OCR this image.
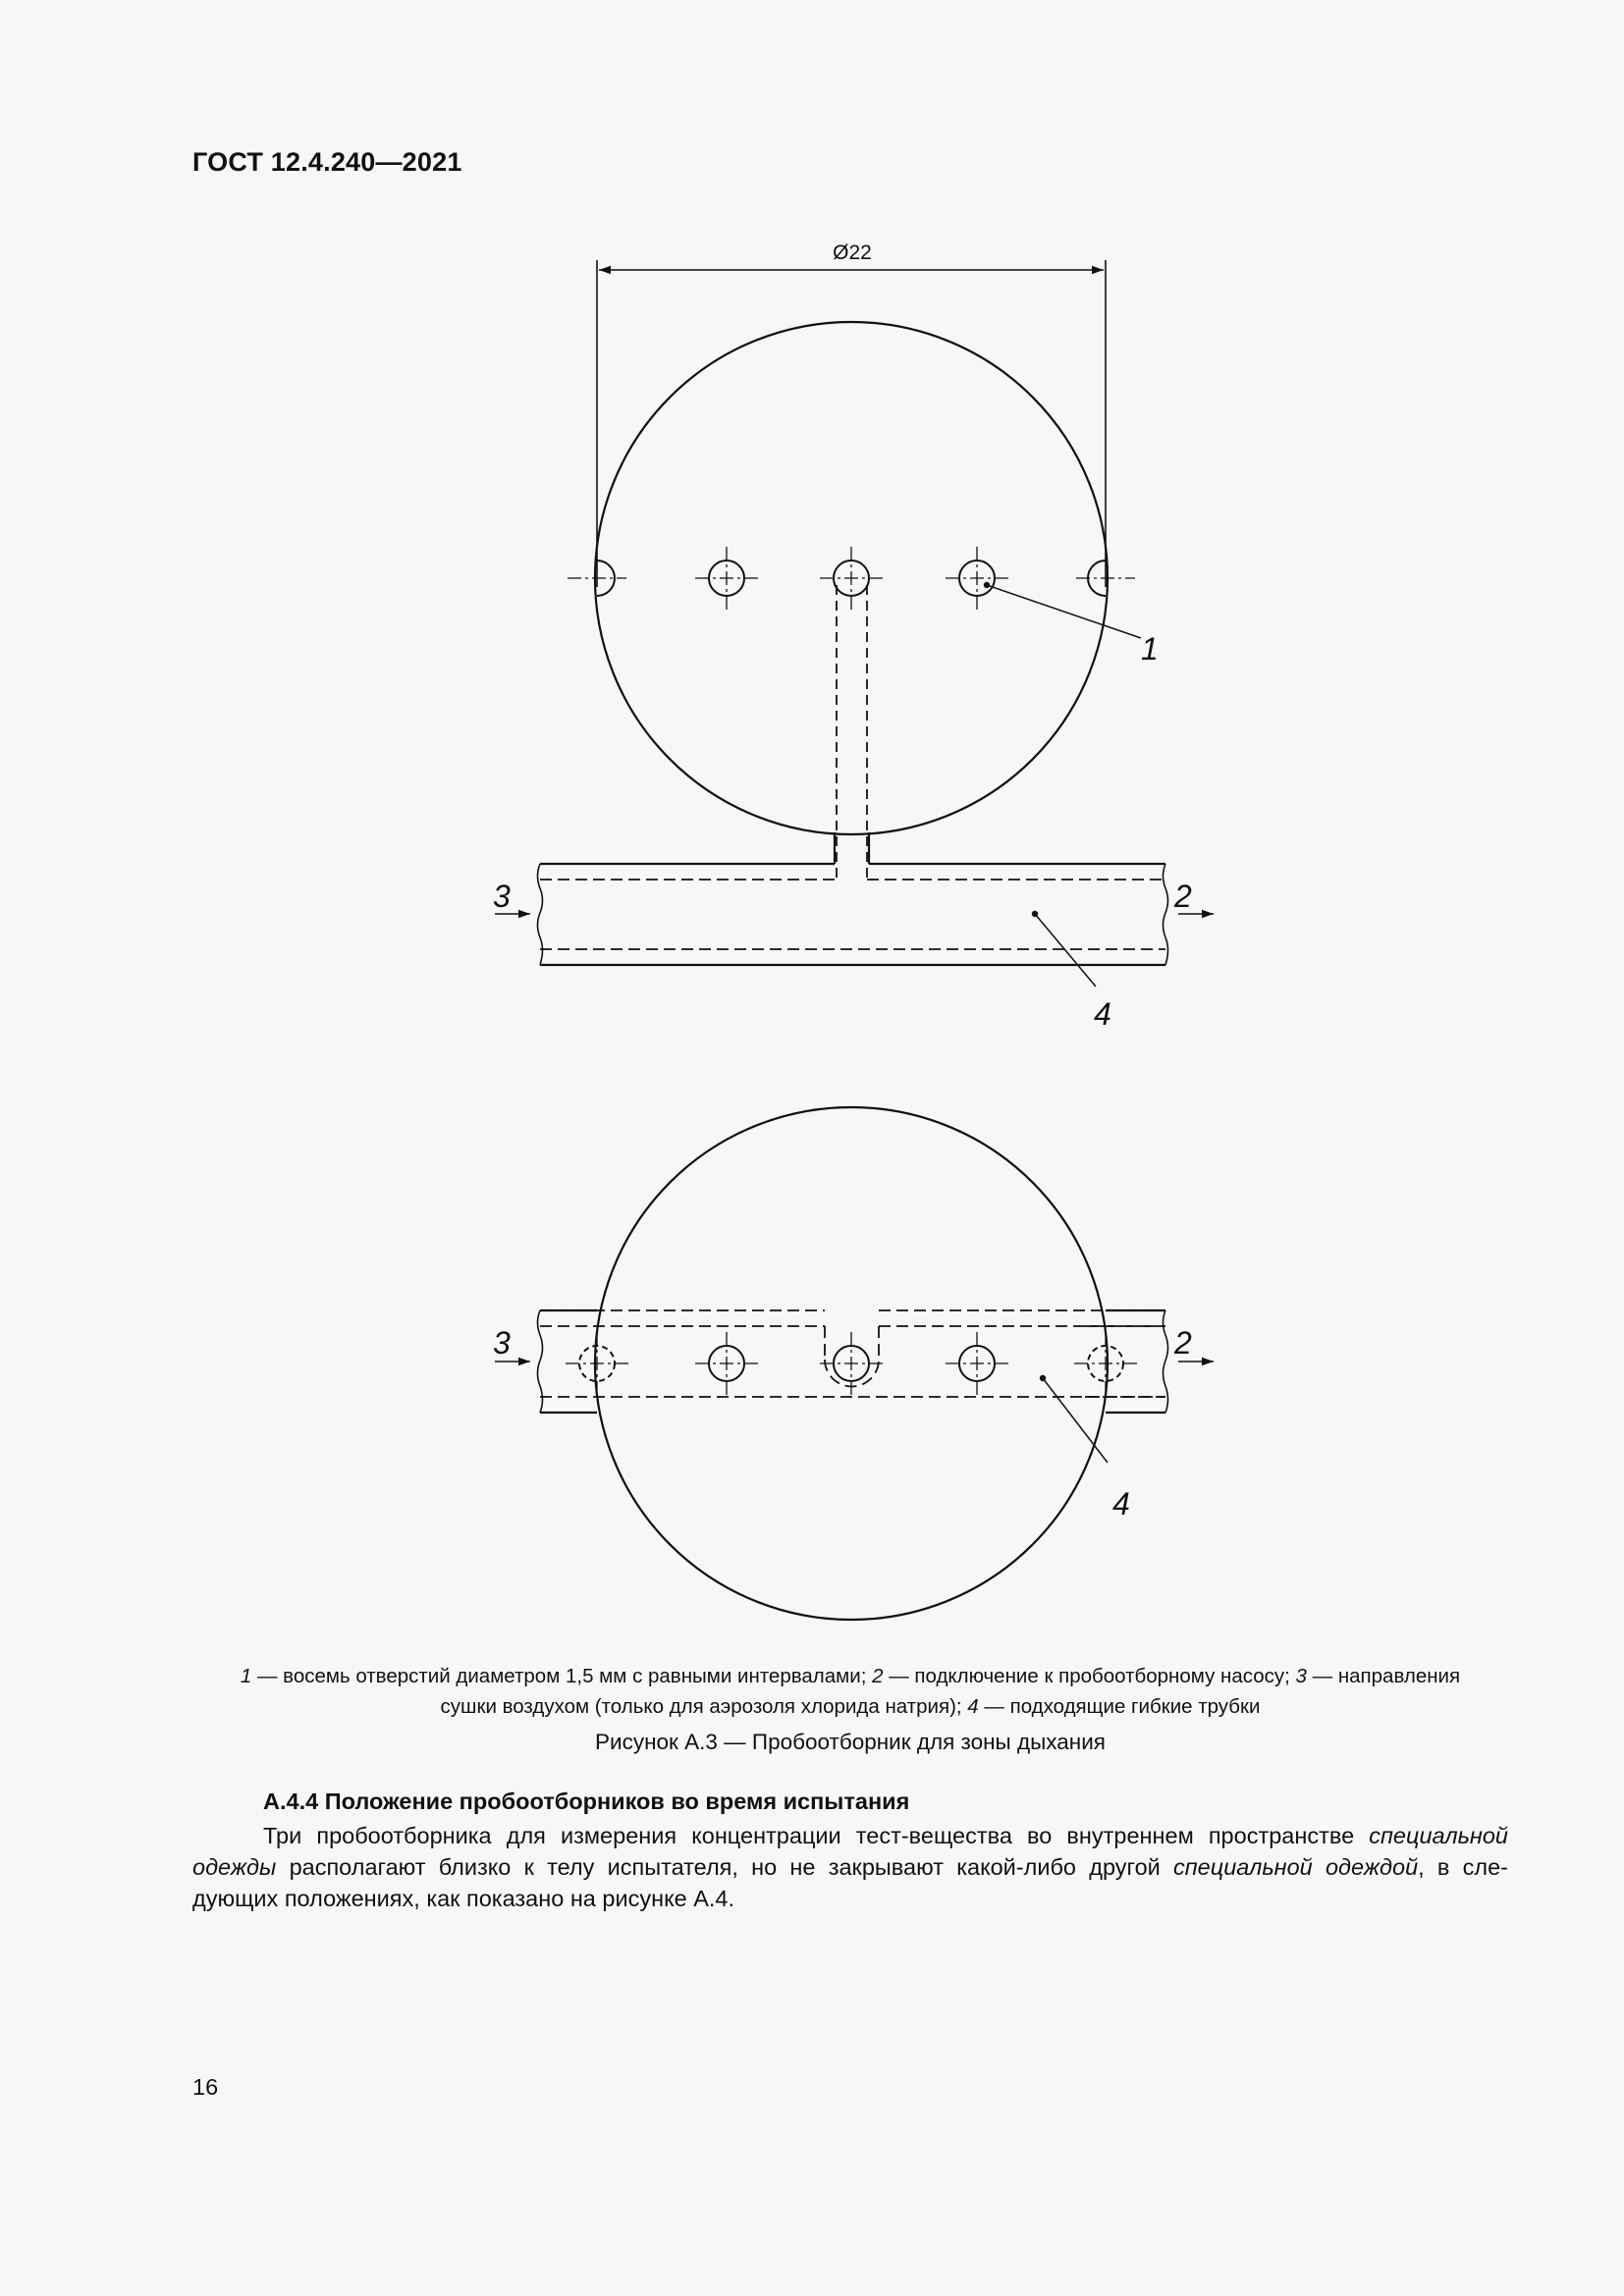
ГОСТ 12.4.240—2021
Ø22
1
3	2
4
3	2
4
1 — восемь отверстий диаметром 1,5 мм с равными интервалами; 2 — подключение к пробоотборному насосу; 3 — направления
сушки воздухом (только для аэрозоля хлорида натрия); 4 — подходящие гибкие трубки
Рисунок А.3 — Пробоотборник для зоны дыхания
А.4.4 Положение пробоотборников во время испытания
Три пробоотборника для измерения концентрации тест-вещества во внутреннем пространстве специальной
одежды располагают близко к телу испытателя, но не закрывают какой-либо другой специальной одеждой, в сле-
дующих положениях, как показано на рисунке А.4.
16
